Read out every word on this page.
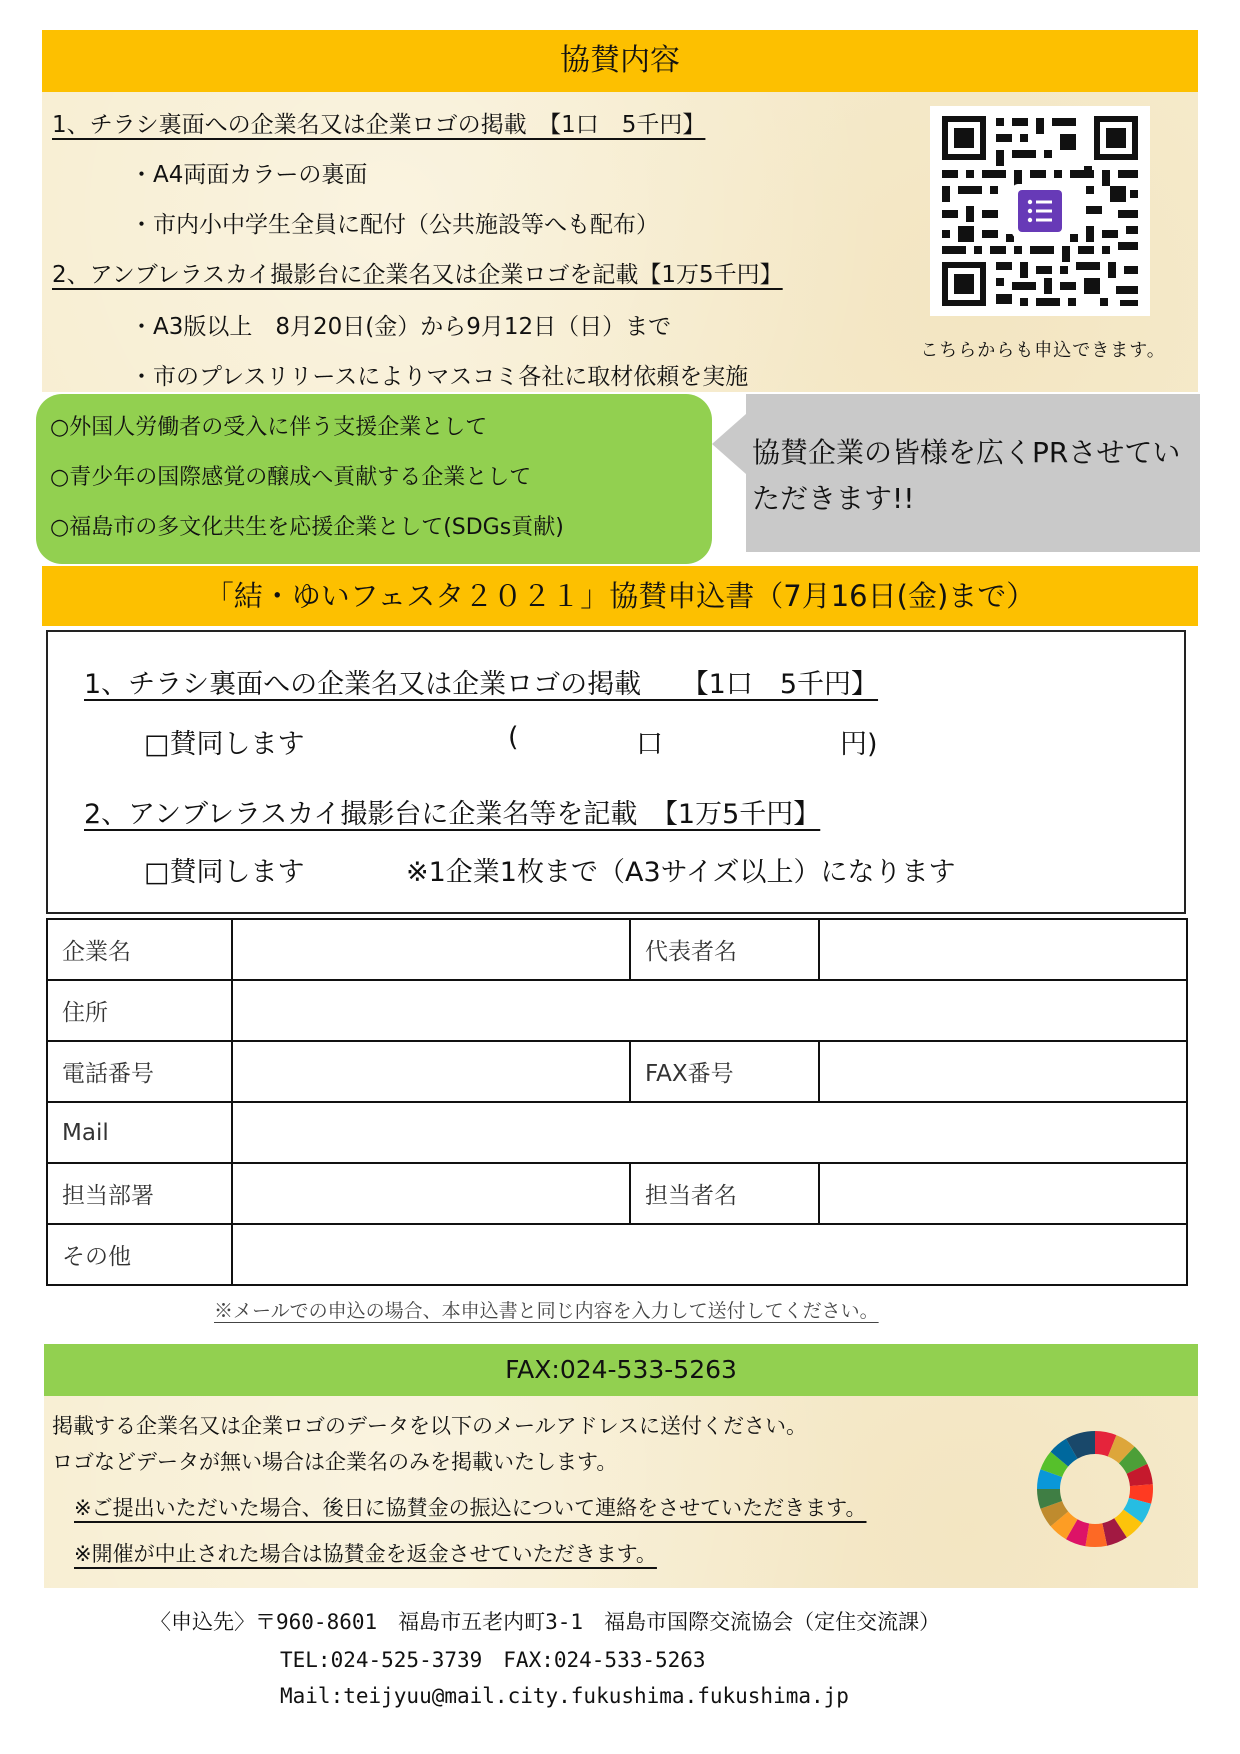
協賛内容
1、チラシ裏面への企業名又は企業ロゴの掲載　【1口　5千円】
・A4両面カラーの裏面
・市内小中学生全員に配付（公共施設等へも配布）
2、アンブレラスカイ撮影台に企業名又は企業ロゴを記載【1万5千円】
・A3版以上　8月20日(金）から9月12日（日）まで
・市のプレスリリースによりマスコミ各社に取材依頼を実施
こちらからも申込できます。
○外国人労働者の受入に伴う支援企業として
○青少年の国際感覚の醸成へ貢献する企業として
○福島市の多文化共生を応援企業として(SDGs貢献)
協賛企業の皆様を広くPRさせていただきます!!
「結・ゆいフェスタ２０２１」協賛申込書（7月16日(金)まで）
1、チラシ裏面への企業名又は企業ロゴの掲載　　【1口　5千円】
□賛同します	(	口	円)
2、アンブレラスカイ撮影台に企業名等を記載　【1万5千円】
□賛同します	※1企業1枚まで（A3サイズ以上）になります
企業名		代表者名	
住所			
電話番号		FAX番号	
Mail			
担当部署		担当者名	
その他			
※メールでの申込の場合、本申込書と同じ内容を入力して送付してください。
FAX:024-533-5263
掲載する企業名又は企業ロゴのデータを以下のメールアドレスに送付ください。
ロゴなどデータが無い場合は企業名のみを掲載いたします。
※ご提出いただいた場合、後日に協賛金の振込について連絡をさせていただきます。
※開催が中止された場合は協賛金を返金させていただきます。
〈申込先〉〒960-8601　福島市五老内町3-1　福島市国際交流協会（定住交流課）
TEL:024-525-3739　FAX:024-533-5263
Mail:teijyuu@mail.city.fukushima.fukushima.jp
